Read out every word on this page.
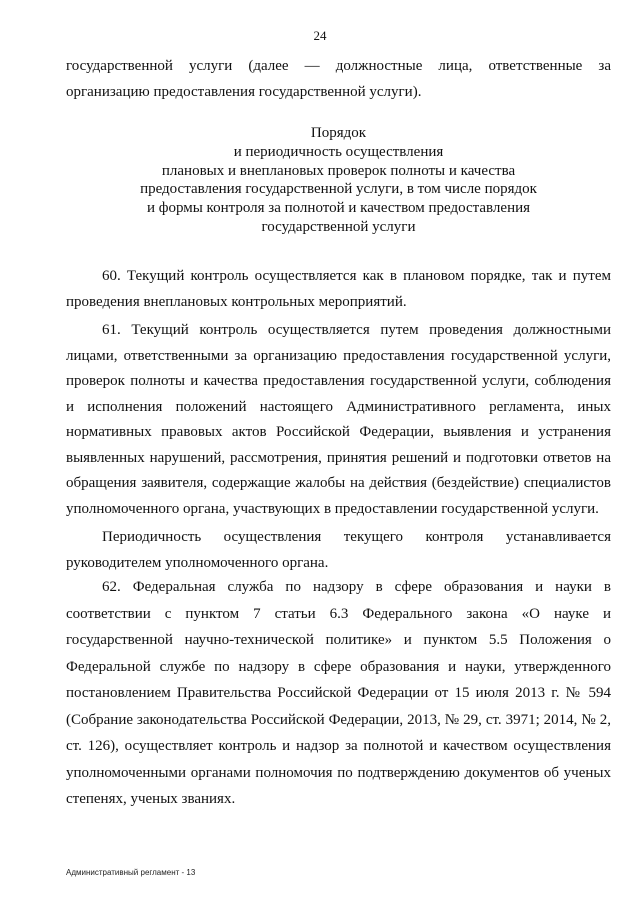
24
государственной услуги (далее — должностные лица, ответственные за организацию предоставления государственной услуги).
Порядок
и периодичность осуществления
плановых и внеплановых проверок полноты и качества
предоставления государственной услуги, в том числе порядок
и формы контроля за полнотой и качеством предоставления
государственной услуги

60. Текущий контроль осуществляется как в плановом порядке, так и путем проведения внеплановых контрольных мероприятий.

61. Текущий контроль осуществляется путем проведения должностными лицами, ответственными за организацию предоставления государственной услуги, проверок полноты и качества предоставления государственной услуги, соблюдения и исполнения положений настоящего Административного регламента, иных нормативных правовых актов Российской Федерации, выявления и устранения выявленных нарушений, рассмотрения, принятия решений и подготовки ответов на обращения заявителя, содержащие жалобы на действия (бездействие) специалистов уполномоченного органа, участвующих в предоставлении государственной услуги.

Периодичность осуществления текущего контроля устанавливается руководителем уполномоченного органа.

62. Федеральная служба по надзору в сфере образования и науки в соответствии с пунктом 7 статьи 6.3 Федерального закона «О науке и государственной научно-технической политике» и пунктом 5.5 Положения о Федеральной службе по надзору в сфере образования и науки, утвержденного постановлением Правительства Российской Федерации от 15 июля 2013 г. № 594 (Собрание законодательства Российской Федерации, 2013, № 29, ст. 3971; 2014, № 2, ст. 126), осуществляет контроль и надзор за полнотой и качеством осуществления уполномоченными органами полномочия по подтверждению документов об ученых степенях, ученых званиях.

Административный регламент - 13
